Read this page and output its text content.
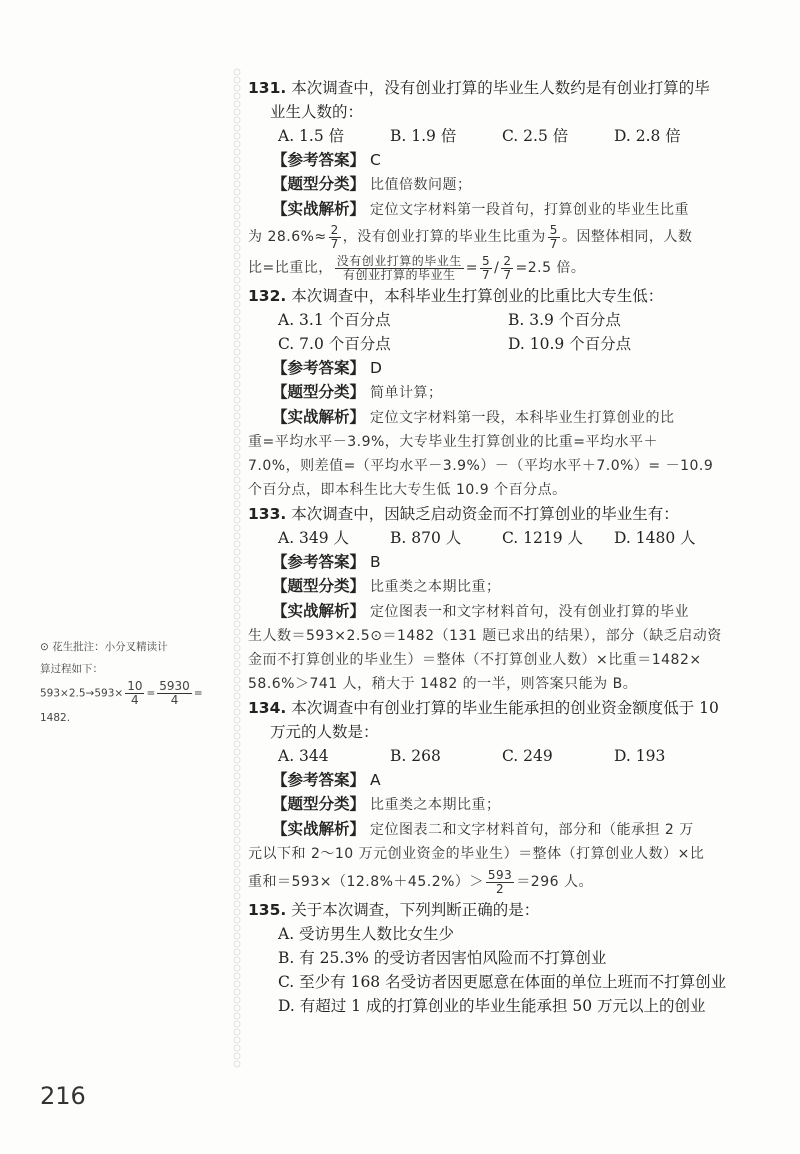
⊙ 花生批注：小分叉精读计
算过程如下：
$593\times 2.5\to 593\times \frac{10}{4} = \frac{5930}{4}$ =
1482.
131. 本次调查中，没有创业打算的毕业生人数约是有创业打算的毕
业生人数的：
A. 1.5 倍	B. 1.9 倍	C. 2.5 倍	D. 2.8 倍
【参考答案】 C
【题型分类】 比值倍数问题；
【实战解析】 定位文字材料第一段首句，打算创业的毕业生比重
为 $28.6\%\approx \frac{2}{7}$ ，没有创业打算的毕业生比重为 $\frac{5}{7}$ 。因整体相同，人数
比=比重比， $\frac{\text{没有创业打算的毕业生}}{\text{有创业打算的毕业生}} = \frac{5}{7} / \frac{2}{7} =2.5$ 倍。
132. 本次调查中，本科毕业生打算创业的比重比大专生低：
A. 3.1 个百分点	B. 3.9 个百分点
C. 7.0 个百分点	D. 10.9 个百分点
【参考答案】 D
【题型分类】 简单计算；
【实战解析】 定位文字材料第一段，本科毕业生打算创业的比
重=平均水平－3.9%，大专毕业生打算创业的比重=平均水平＋
7.0%，则差值=（平均水平－3.9%）－（平均水平＋7.0%）= －10.9
个百分点，即本科生比大专生低 10.9 个百分点。
133. 本次调查中，因缺乏启动资金而不打算创业的毕业生有：
A. 349 人	B. 870 人	C. 1219 人	D. 1480 人
【参考答案】 B
【题型分类】 比重类之本期比重；
【实战解析】 定位图表一和文字材料首句，没有创业打算的毕业
生人数＝593×2.5⊙＝1482（131 题已求出的结果），部分（缺乏启动资
金而不打算创业的毕业生）＝整体（不打算创业人数）×比重＝1482×
58.6%＞741 人，稍大于 1482 的一半，则答案只能为 B。
134. 本次调查中有创业打算的毕业生能承担的创业资金额度低于 10
万元的人数是：
A. 344	B. 268	C. 249	D. 193
【参考答案】 A
【题型分类】 比重类之本期比重；
【实战解析】 定位图表二和文字材料首句，部分和（能承担 2 万
元以下和 2～10 万元创业资金的毕业生）＝整体（打算创业人数）×比
重和$=593\times(12.8\%+45.2\%)> \frac{593}{2} =296$ 人。
135. 关于本次调查，下列判断正确的是：
A. 受访男生人数比女生少
B. 有 25.3% 的受访者因害怕风险而不打算创业
C. 至少有 168 名受访者因更愿意在体面的单位上班而不打算创业
D. 有超过 1 成的打算创业的毕业生能承担 50 万元以上的创业
216
